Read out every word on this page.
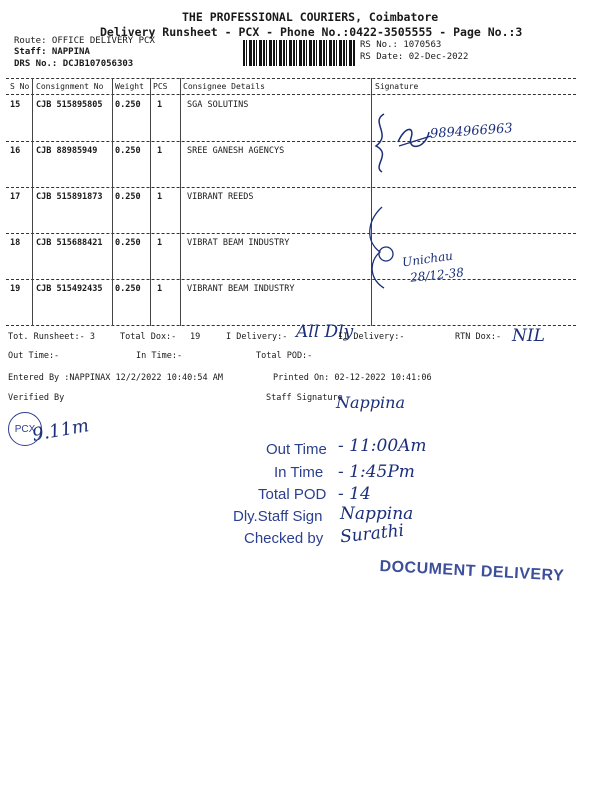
THE PROFESSIONAL COURIERS, Coimbatore
Delivery Runsheet - PCX - Phone No.:0422-3505555 - Page No.:3
Route: OFFICE DELIVERY PCX
Staff: NAPPINA
DRS No.: DCJB107056303
RS No.: 1070563
RS Date: 02-Dec-2022
S No Consignment No Weight PCS Consignee Details	Signature
15 CJB 515895805 0.250 1	SGA SOLUTINS
16 CJB 88985949 0.250 1	SREE GANESH AGENCYS
17 CJB 515891873 0.250 1	VIBRANT REEDS
18 CJB 515688421 0.250 1	VIBRAT BEAM INDUSTRY
19 CJB 515492435 0.250 1	VIBRANT BEAM INDUSTRY
9894966963
Unichau
28/12-38
Tot. Runsheet:- 3	Total Dox:- 19	I Delivery:- All Dly
II Delivery:-	RTN Dox:- NIL
Out Time:-	In Time:-	Total POD:-
Entered By :NAPPINAX 12/2/2022 10:40:54 AM	Printed On: 02-12-2022 10:41:06
Verified By	Staff Signature
Nappina
PCX
9.11m
Out Time - 11:00Am
In Time - 1:45Pm
Total POD - 14
Dly.Staff Sign Nappina
Checked by Surathi
DOCUMENT DELIVERY
